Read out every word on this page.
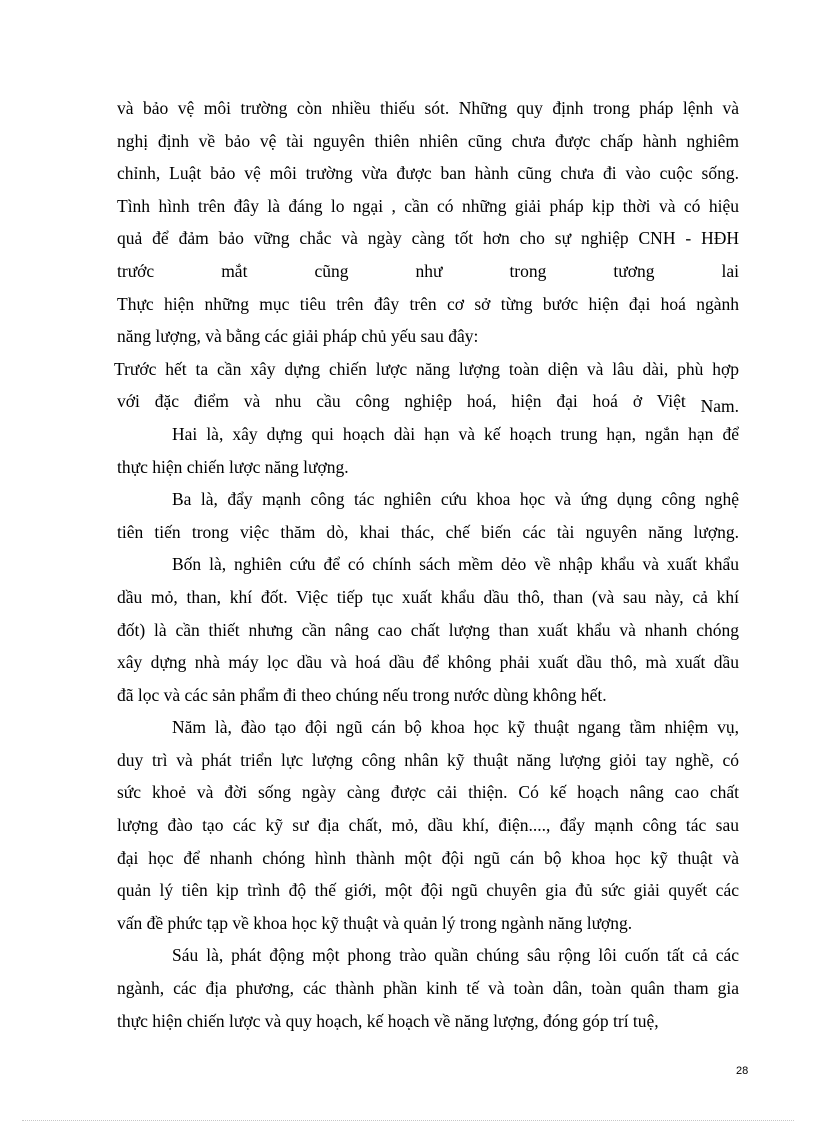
và bảo vệ môi trường còn nhiều thiếu sót. Những quy định trong pháp lệnh và
nghị định về bảo vệ tài nguyên thiên nhiên cũng chưa được chấp hành nghiêm
chỉnh, Luật bảo vệ môi trường vừa được ban hành cũng chưa đi vào cuộc sống.
Tình hình trên đây là đáng lo ngại , cần có những giải pháp kịp thời và có hiệu
quả để đảm bảo vững chắc và ngày càng tốt hơn cho sự nghiệp CNH - HĐH
trước mắt cũng như trong tương lai
Thực hiện những mục tiêu trên đây trên cơ sở từng bước hiện đại hoá ngành
năng lượng, và bằng các giải pháp chủ yếu sau đây:
Trước hết ta cần xây dựng chiến lược năng lượng toàn diện và lâu dài, phù hợp
với đặc điểm và nhu cầu công nghiệp hoá, hiện đại hoá ở Việt Nam.
Hai là, xây dựng qui hoạch dài hạn và kế hoạch trung hạn, ngắn hạn để
thực hiện chiến lược năng lượng.
Ba là, đẩy mạnh công tác nghiên cứu khoa học và ứng dụng công nghệ
tiên tiến trong việc thăm dò, khai thác, chế biến các tài nguyên năng lượng.
Bốn là, nghiên cứu để có chính sách mềm dẻo về nhập khẩu và xuất khẩu
dầu mỏ, than, khí đốt. Việc tiếp tục xuất khẩu dầu thô, than (và sau này, cả khí
đốt) là cần thiết nhưng cần nâng cao chất lượng than xuất khẩu và nhanh chóng
xây dựng nhà máy lọc dầu và hoá dầu để không phải xuất dầu thô, mà xuất dầu
đã lọc và các sản phẩm đi theo chúng nếu trong nước dùng không hết.
Năm là, đào tạo đội ngũ cán bộ khoa học kỹ thuật ngang tầm nhiệm vụ,
duy trì và phát triển lực lượng công nhân kỹ thuật năng lượng giỏi tay nghề, có
sức khoẻ và đời sống ngày càng được cải thiện. Có kế hoạch nâng cao chất
lượng đào tạo các kỹ sư địa chất, mỏ, dầu khí, điện...., đẩy mạnh công tác sau
đại học để nhanh chóng hình thành một đội ngũ cán bộ khoa học kỹ thuật và
quản lý tiên kịp trình độ thế giới, một đội ngũ chuyên gia đủ sức giải quyết các
vấn đề phức tạp về khoa học kỹ thuật và quản lý trong ngành năng lượng.
Sáu là, phát động một phong trào quần chúng sâu rộng lôi cuốn tất cả các
ngành, các địa phương, các thành phần kinh tế và toàn dân, toàn quân tham gia
thực hiện chiến lược và quy hoạch, kế hoạch về năng lượng, đóng góp trí tuệ,
28
